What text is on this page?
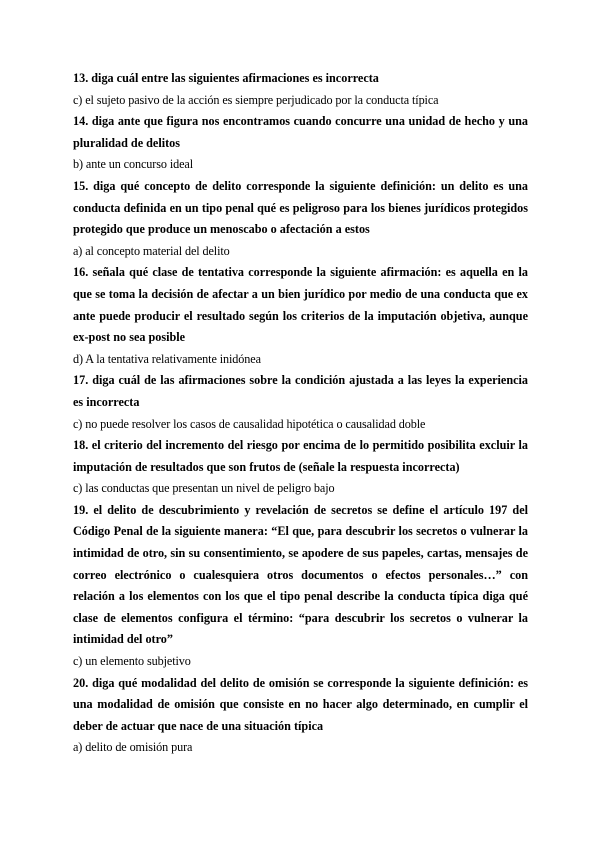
13. diga cuál entre las siguientes afirmaciones es incorrecta

c) el sujeto pasivo de la acción es siempre perjudicado por la conducta típica

14. diga ante que figura nos encontramos cuando concurre una unidad de hecho y una pluralidad de delitos

b) ante un concurso ideal

15. diga qué concepto de delito corresponde la siguiente definición: un delito es una conducta definida en un tipo penal qué es peligroso para los bienes jurídicos protegidos protegido que produce un menoscabo o afectación a estos

a) al concepto material del delito

16. señala qué clase de tentativa corresponde la siguiente afirmación: es aquella en la que se toma la decisión de afectar a un bien jurídico por medio de una conducta que ex ante puede producir el resultado según los criterios de la imputación objetiva, aunque ex-post no sea posible

d) A la tentativa relativamente inidónea

17. diga cuál de las afirmaciones sobre la condición ajustada a las leyes la experiencia es incorrecta

c) no puede resolver los casos de causalidad hipotética o causalidad doble

18. el criterio del incremento del riesgo por encima de lo permitido posibilita excluir la imputación de resultados que son frutos de (señale la respuesta incorrecta)

c) las conductas que presentan un nivel de peligro bajo

19. el delito de descubrimiento y revelación de secretos se define el artículo 197 del Código Penal de la siguiente manera: “El que, para descubrir los secretos o vulnerar la intimidad de otro, sin su consentimiento, se apodere de sus papeles, cartas, mensajes de correo electrónico o cualesquiera otros documentos o efectos personales…” con relación a los elementos con los que el tipo penal describe la conducta típica diga qué clase de elementos configura el término: “para descubrir los secretos o vulnerar la intimidad del otro”

c) un elemento subjetivo

20. diga qué modalidad del delito de omisión se corresponde la siguiente definición: es una modalidad de omisión que consiste en no hacer algo determinado, en cumplir el deber de actuar que nace de una situación típica

a) delito de omisión pura
